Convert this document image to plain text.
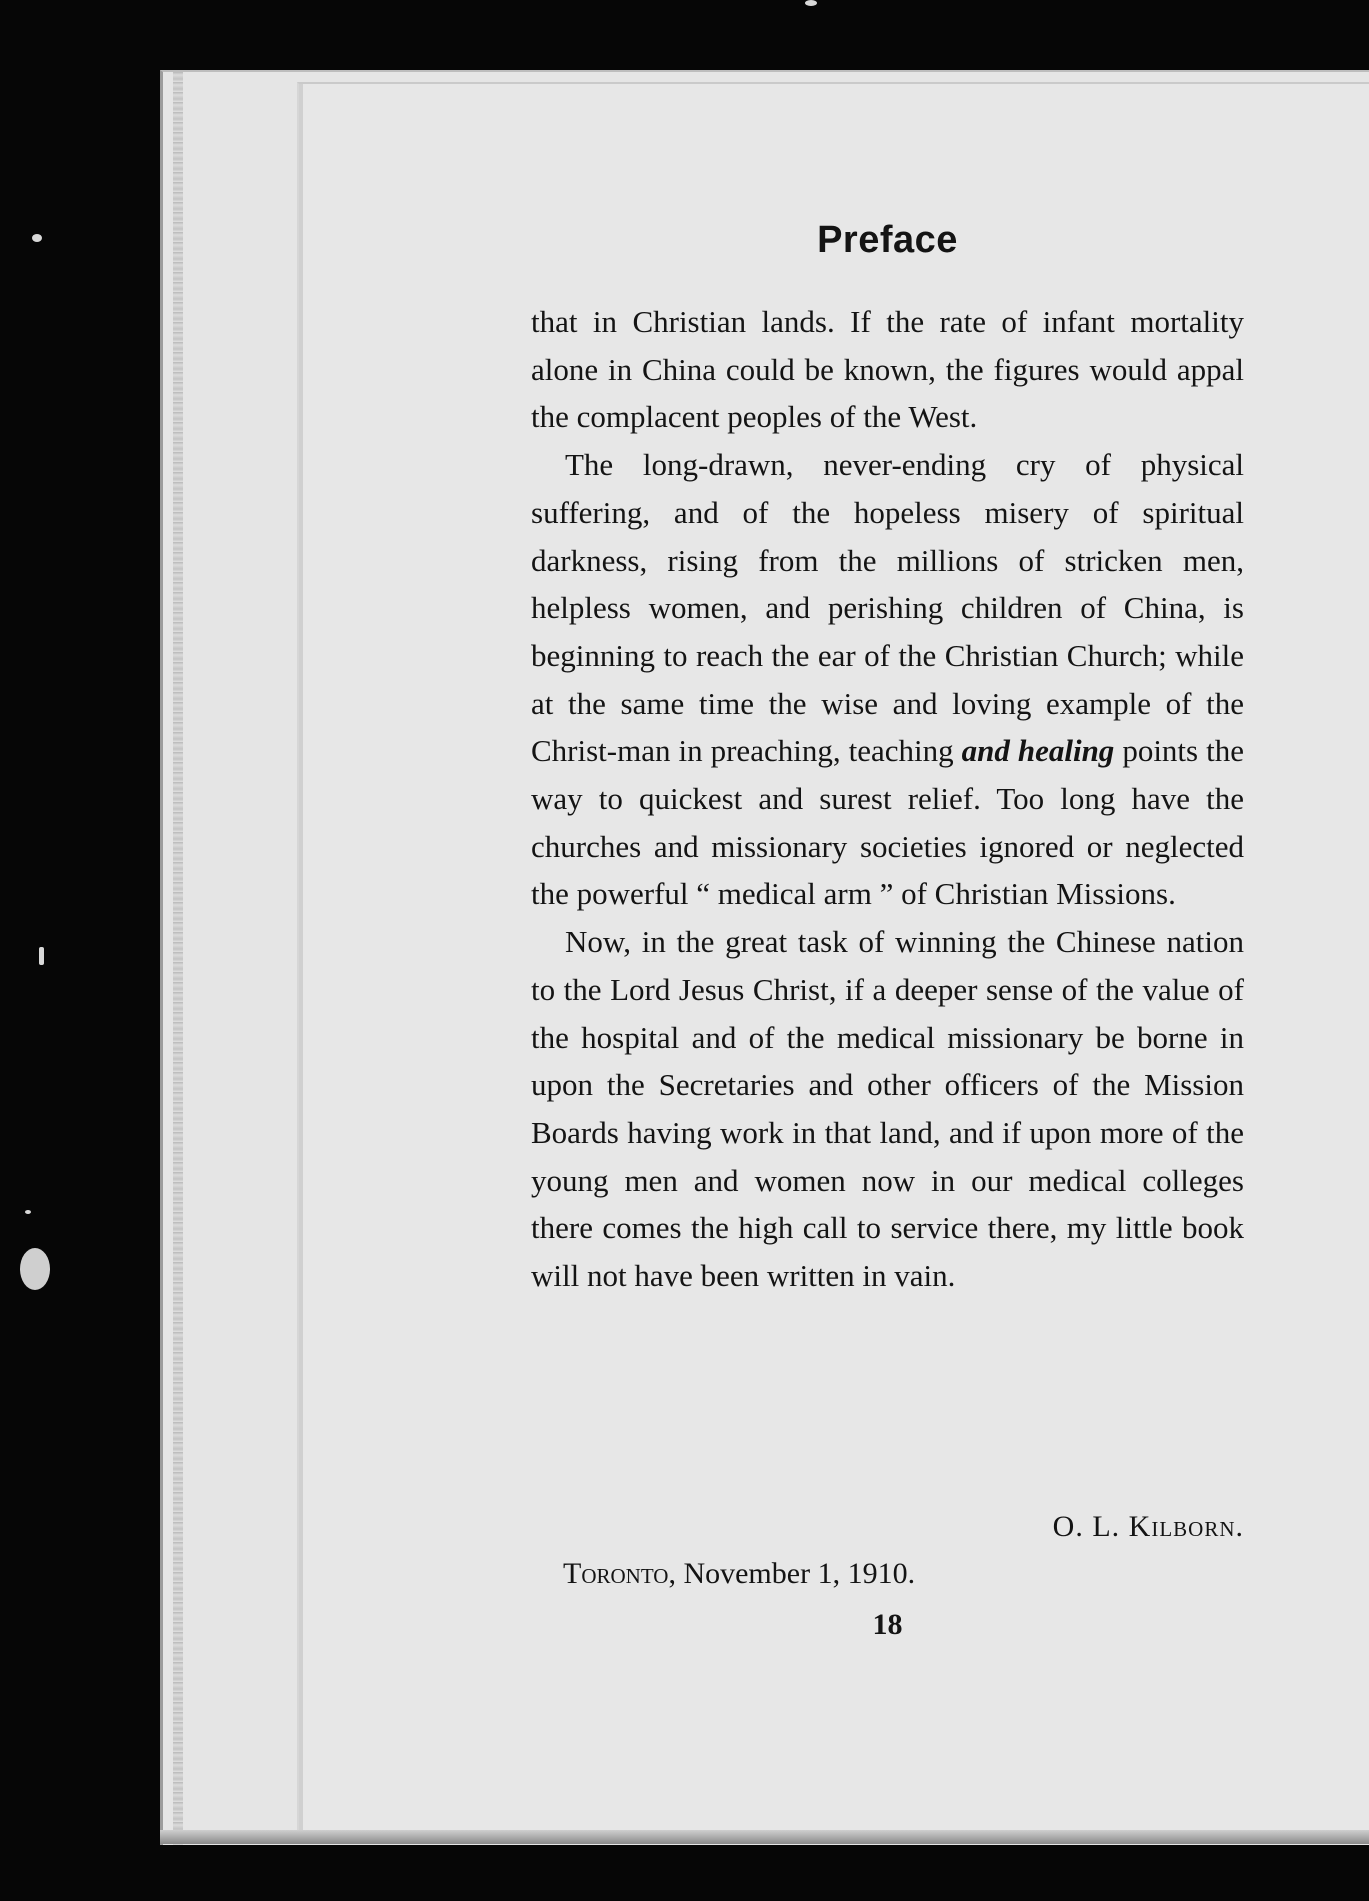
Preface

that in Christian lands. If the rate of infant mortality alone in China could be known, the figures would appal the complacent peoples of the West.

The long-drawn, never-ending cry of physical suffering, and of the hopeless misery of spiritual darkness, rising from the millions of stricken men, helpless women, and perishing children of China, is beginning to reach the ear of the Christian Church; while at the same time the wise and loving example of the Christ-man in preaching, teaching and healing points the way to quickest and surest relief. Too long have the churches and missionary societies ignored or neglected the powerful “ medical arm ” of Christian Missions.

Now, in the great task of winning the Chinese nation to the Lord Jesus Christ, if a deeper sense of the value of the hospital and of the medical missionary be borne in upon the Secretaries and other officers of the Mission Boards having work in that land, and if upon more of the young men and women now in our medical colleges there comes the high call to service there, my little book will not have been written in vain.

O. L. Kilborn.
Toronto, November 1, 1910.
18
